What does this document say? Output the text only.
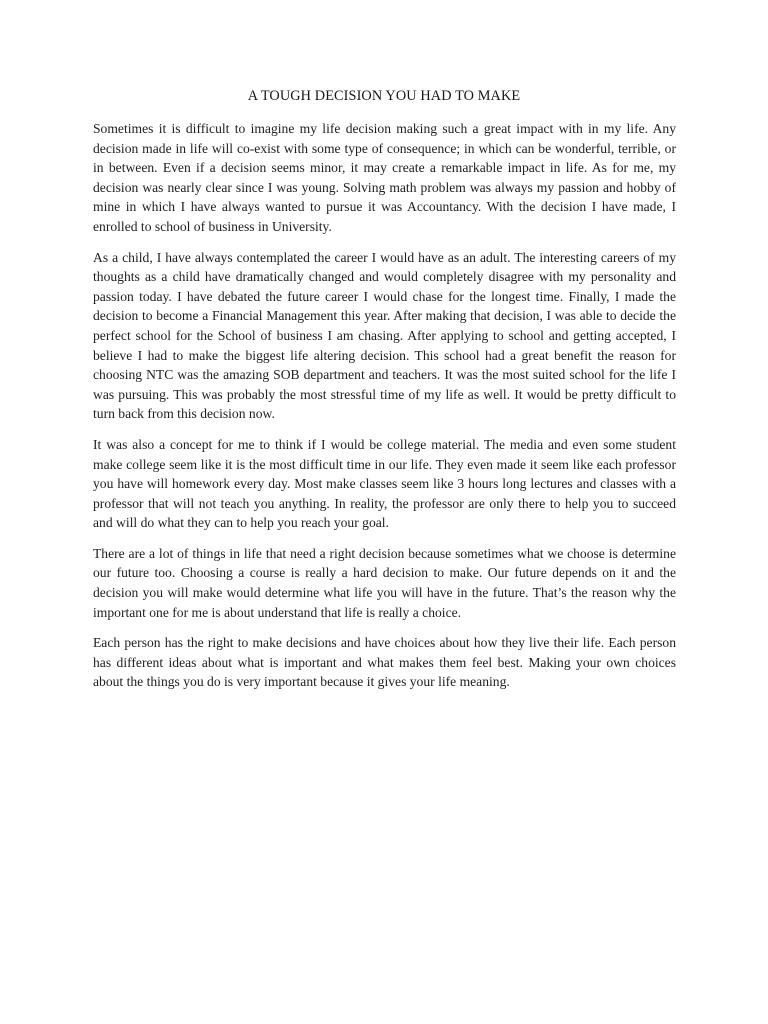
A TOUGH DECISION YOU HAD TO MAKE

Sometimes it is difficult to imagine my life decision making such a great impact with in my life. Any decision made in life will co-exist with some type of consequence; in which can be wonderful, terrible, or in between. Even if a decision seems minor, it may create a remarkable impact in life. As for me, my decision was nearly clear since I was young. Solving math problem was always my passion and hobby of mine in which I have always wanted to pursue it was Accountancy. With the decision I have made, I enrolled to school of business in University.

As a child, I have always contemplated the career I would have as an adult. The interesting careers of my thoughts as a child have dramatically changed and would completely disagree with my personality and passion today. I have debated the future career I would chase for the longest time. Finally, I made the decision to become a Financial Management this year. After making that decision, I was able to decide the perfect school for the School of business I am chasing. After applying to school and getting accepted, I believe I had to make the biggest life altering decision. This school had a great benefit the reason for choosing NTC was the amazing SOB department and teachers. It was the most suited school for the life I was pursuing. This was probably the most stressful time of my life as well. It would be pretty difficult to turn back from this decision now.

It was also a concept for me to think if I would be college material. The media and even some student make college seem like it is the most difficult time in our life. They even made it seem like each professor you have will homework every day. Most make classes seem like 3 hours long lectures and classes with a professor that will not teach you anything. In reality, the professor are only there to help you to succeed and will do what they can to help you reach your goal.

There are a lot of things in life that need a right decision because sometimes what we choose is determine our future too. Choosing a course is really a hard decision to make. Our future depends on it and the decision you will make would determine what life you will have in the future. That’s the reason why the important one for me is about understand that life is really a choice.

Each person has the right to make decisions and have choices about how they live their life. Each person has different ideas about what is important and what makes them feel best. Making your own choices about the things you do is very important because it gives your life meaning.
